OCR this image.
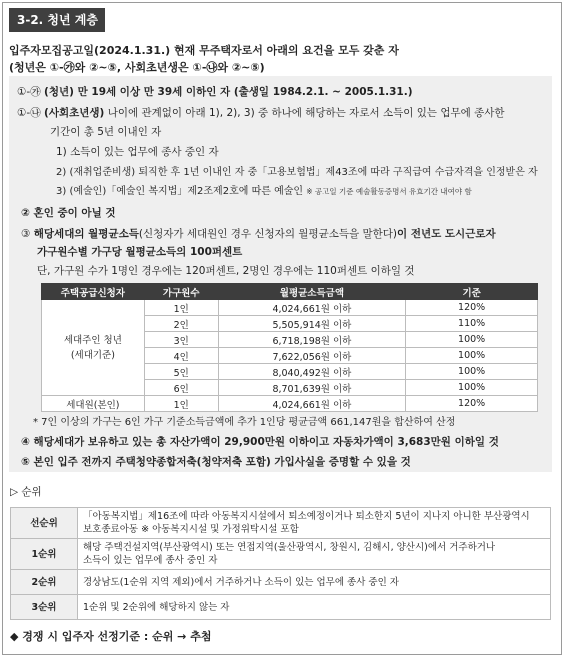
3-2. 청년 계층
입주자모집공고일(2024.1.31.) 현재 무주택자로서 아래의 요건을 모두 갖춘 자
(청년은 ①-㉮와 ②~⑤, 사회초년생은 ①-㉯와 ②~⑤)
①-㉮ (청년) 만 19세 이상 만 39세 이하인 자 (출생일 1984.2.1. ~ 2005.1.31.)
①-㉯ (사회초년생) 나이에 관계없이 아래 1), 2), 3) 중 하나에 해당하는 자로서 소득이 있는 업무에 종사한
기간이 총 5년 이내인 자
1) 소득이 있는 업무에 종사 중인 자
2) (재취업준비생) 퇴직한 후 1년 이내인 자 중「고용보험법」제43조에 따라 구직급여 수급자격을 인정받은 자
3) (예술인)「예술인 복지법」제2조제2호에 따른 예술인 ※ 공고일 기준 예술활동증명서 유효기간 내여야 함
② 혼인 중이 아닐 것
③ 해당세대의 월평균소득(신청자가 세대원인 경우 신청자의 월평균소득을 말한다)이 전년도 도시근로자
가구원수별 가구당 월평균소득의 100퍼센트
단, 가구원 수가 1명인 경우에는 120퍼센트, 2명인 경우에는 110퍼센트 이하일 것
주택공급신청자	가구원수	월평균소득금액	기준

세대주인 청년
(세대기준)	1인	4,024,661원 이하	120%
	2인	5,505,914원 이하	110%
	3인	6,718,198원 이하	100%
	4인	7,622,056원 이하	100%
	5인	8,040,492원 이하	100%
	6인	8,701,639원 이하	100%
세대원(본인)	1인	4,024,661원 이하	120%
* 7인 이상의 가구는 6인 가구 기준소득금액에 추가 1인당 평균금액 661,147원을 합산하여 산정
④ 해당세대가 보유하고 있는 총 자산가액이 29,900만원 이하이고 자동차가액이 3,683만원 이하일 것
⑤ 본인 입주 전까지 주택청약종합저축(청약저축 포함) 가입사실을 증명할 수 있을 것
▷ 순위
선순위	「아동복지법」제16조에 따라 아동복지시설에서 퇴소예정이거나 퇴소한지 5년이 지나지 아니한 부산광역시
보호종료아동 ※ 아동복지시설 및 가정위탁시설 포함

1순위	해당 주택건설지역(부산광역시) 또는 연접지역(울산광역시, 창원시, 김해시, 양산시)에서 거주하거나
소득이 있는 업무에 종사 중인 자

2순위	경상남도(1순위 지역 제외)에서 거주하거나 소득이 있는 업무에 종사 중인 자

3순위	1순위 및 2순위에 해당하지 않는 자
◆ 경쟁 시 입주자 선정기준 : 순위 → 추첨
